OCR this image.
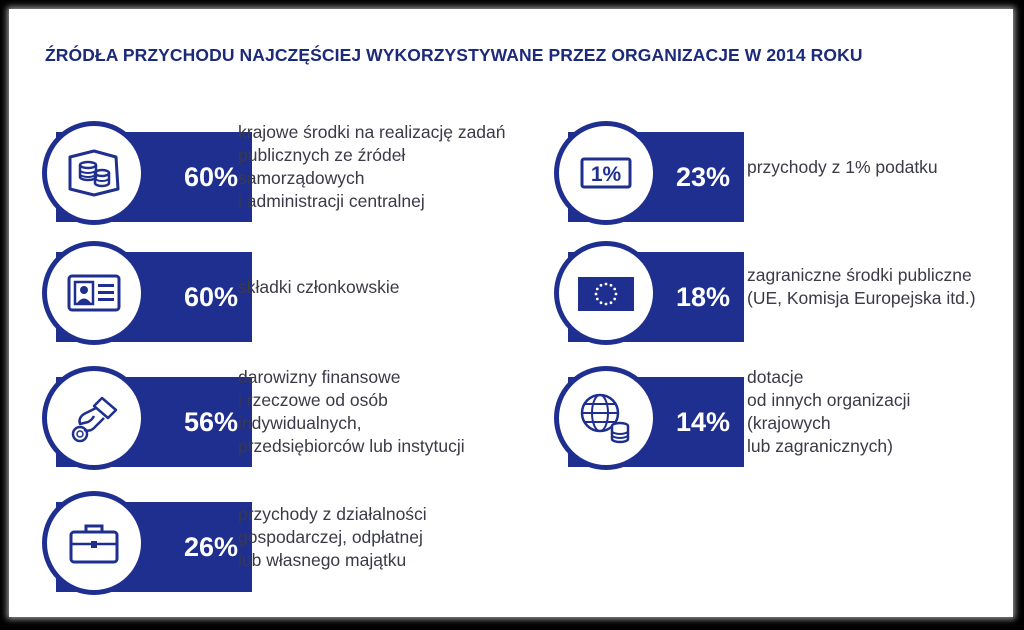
ŹRÓDŁA PRZYCHODU NAJCZĘŚCIEJ WYKORZYSTYWANE PRZEZ ORGANIZACJE W 2014 ROKU
60%
krajowe środki na realizację zadań
publicznych ze źródeł
samorządowych
i administracji centralnej
60% składki członkowskie
56%
darowizny finansowe
i rzeczowe od osób
indywidualnych,
przedsiębiorców lub instytucji
26%
przychody z działalności
gospodarczej, odpłatnej
lub własnego majątku
23%
1%	przychody z 1% podatku
18%
zagraniczne środki publiczne
(UE, Komisja Europejska itd.)
14%
dotacje
od innych organizacji
(krajowych
lub zagranicznych)
